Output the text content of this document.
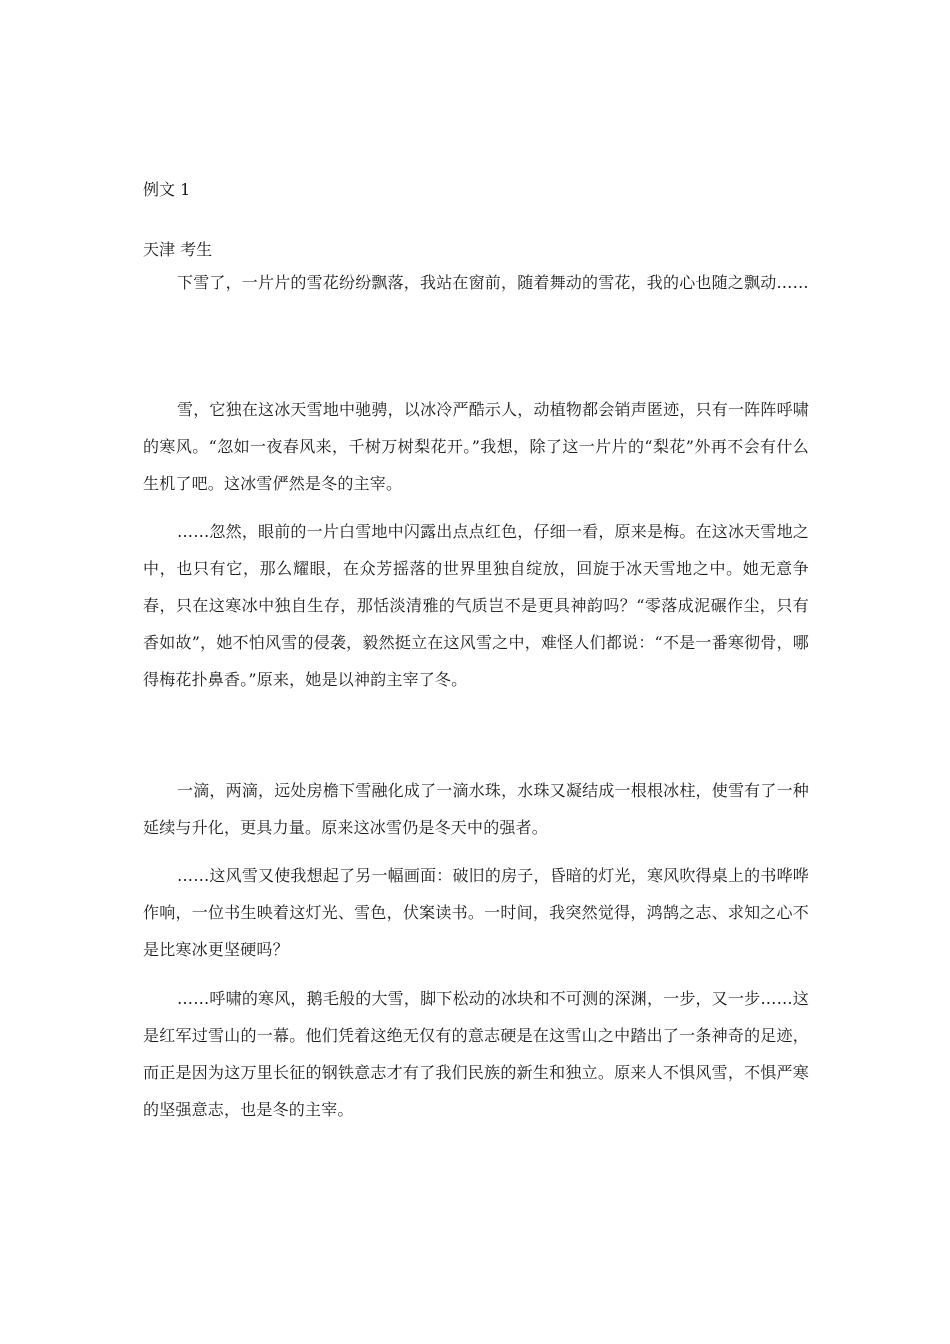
例文 1
天津 考生

下雪了，一片片的雪花纷纷飘落，我站在窗前，随着舞动的雪花，我的心也随之飘动……

雪，它独在这冰天雪地中驰骋，以冰冷严酷示人，动植物都会销声匿迹，只有一阵阵呼啸的寒风。“忽如一夜春风来，千树万树梨花开。”我想，除了这一片片的“梨花”外再不会有什么生机了吧。这冰雪俨然是冬的主宰。

……忽然，眼前的一片白雪地中闪露出点点红色，仔细一看，原来是梅。在这冰天雪地之中，也只有它，那么耀眼，在众芳摇落的世界里独自绽放，回旋于冰天雪地之中。她无意争春，只在这寒冰中独自生存，那恬淡清雅的气质岂不是更具神韵吗？“零落成泥碾作尘，只有香如故”，她不怕风雪的侵袭，毅然挺立在这风雪之中，难怪人们都说：“不是一番寒彻骨，哪得梅花扑鼻香。”原来，她是以神韵主宰了冬。

一滴，两滴，远处房檐下雪融化成了一滴水珠，水珠又凝结成一根根冰柱，使雪有了一种延续与升化，更具力量。原来这冰雪仍是冬天中的强者。

……这风雪又使我想起了另一幅画面：破旧的房子，昏暗的灯光，寒风吹得桌上的书哗哗作响，一位书生映着这灯光、雪色，伏案读书。一时间，我突然觉得，鸿鹄之志、求知之心不是比寒冰更坚硬吗？

……呼啸的寒风，鹅毛般的大雪，脚下松动的冰块和不可测的深渊，一步，又一步……这是红军过雪山的一幕。他们凭着这绝无仅有的意志硬是在这雪山之中踏出了一条神奇的足迹，而正是因为这万里长征的钢铁意志才有了我们民族的新生和独立。原来人不惧风雪，不惧严寒的坚强意志，也是冬的主宰。
